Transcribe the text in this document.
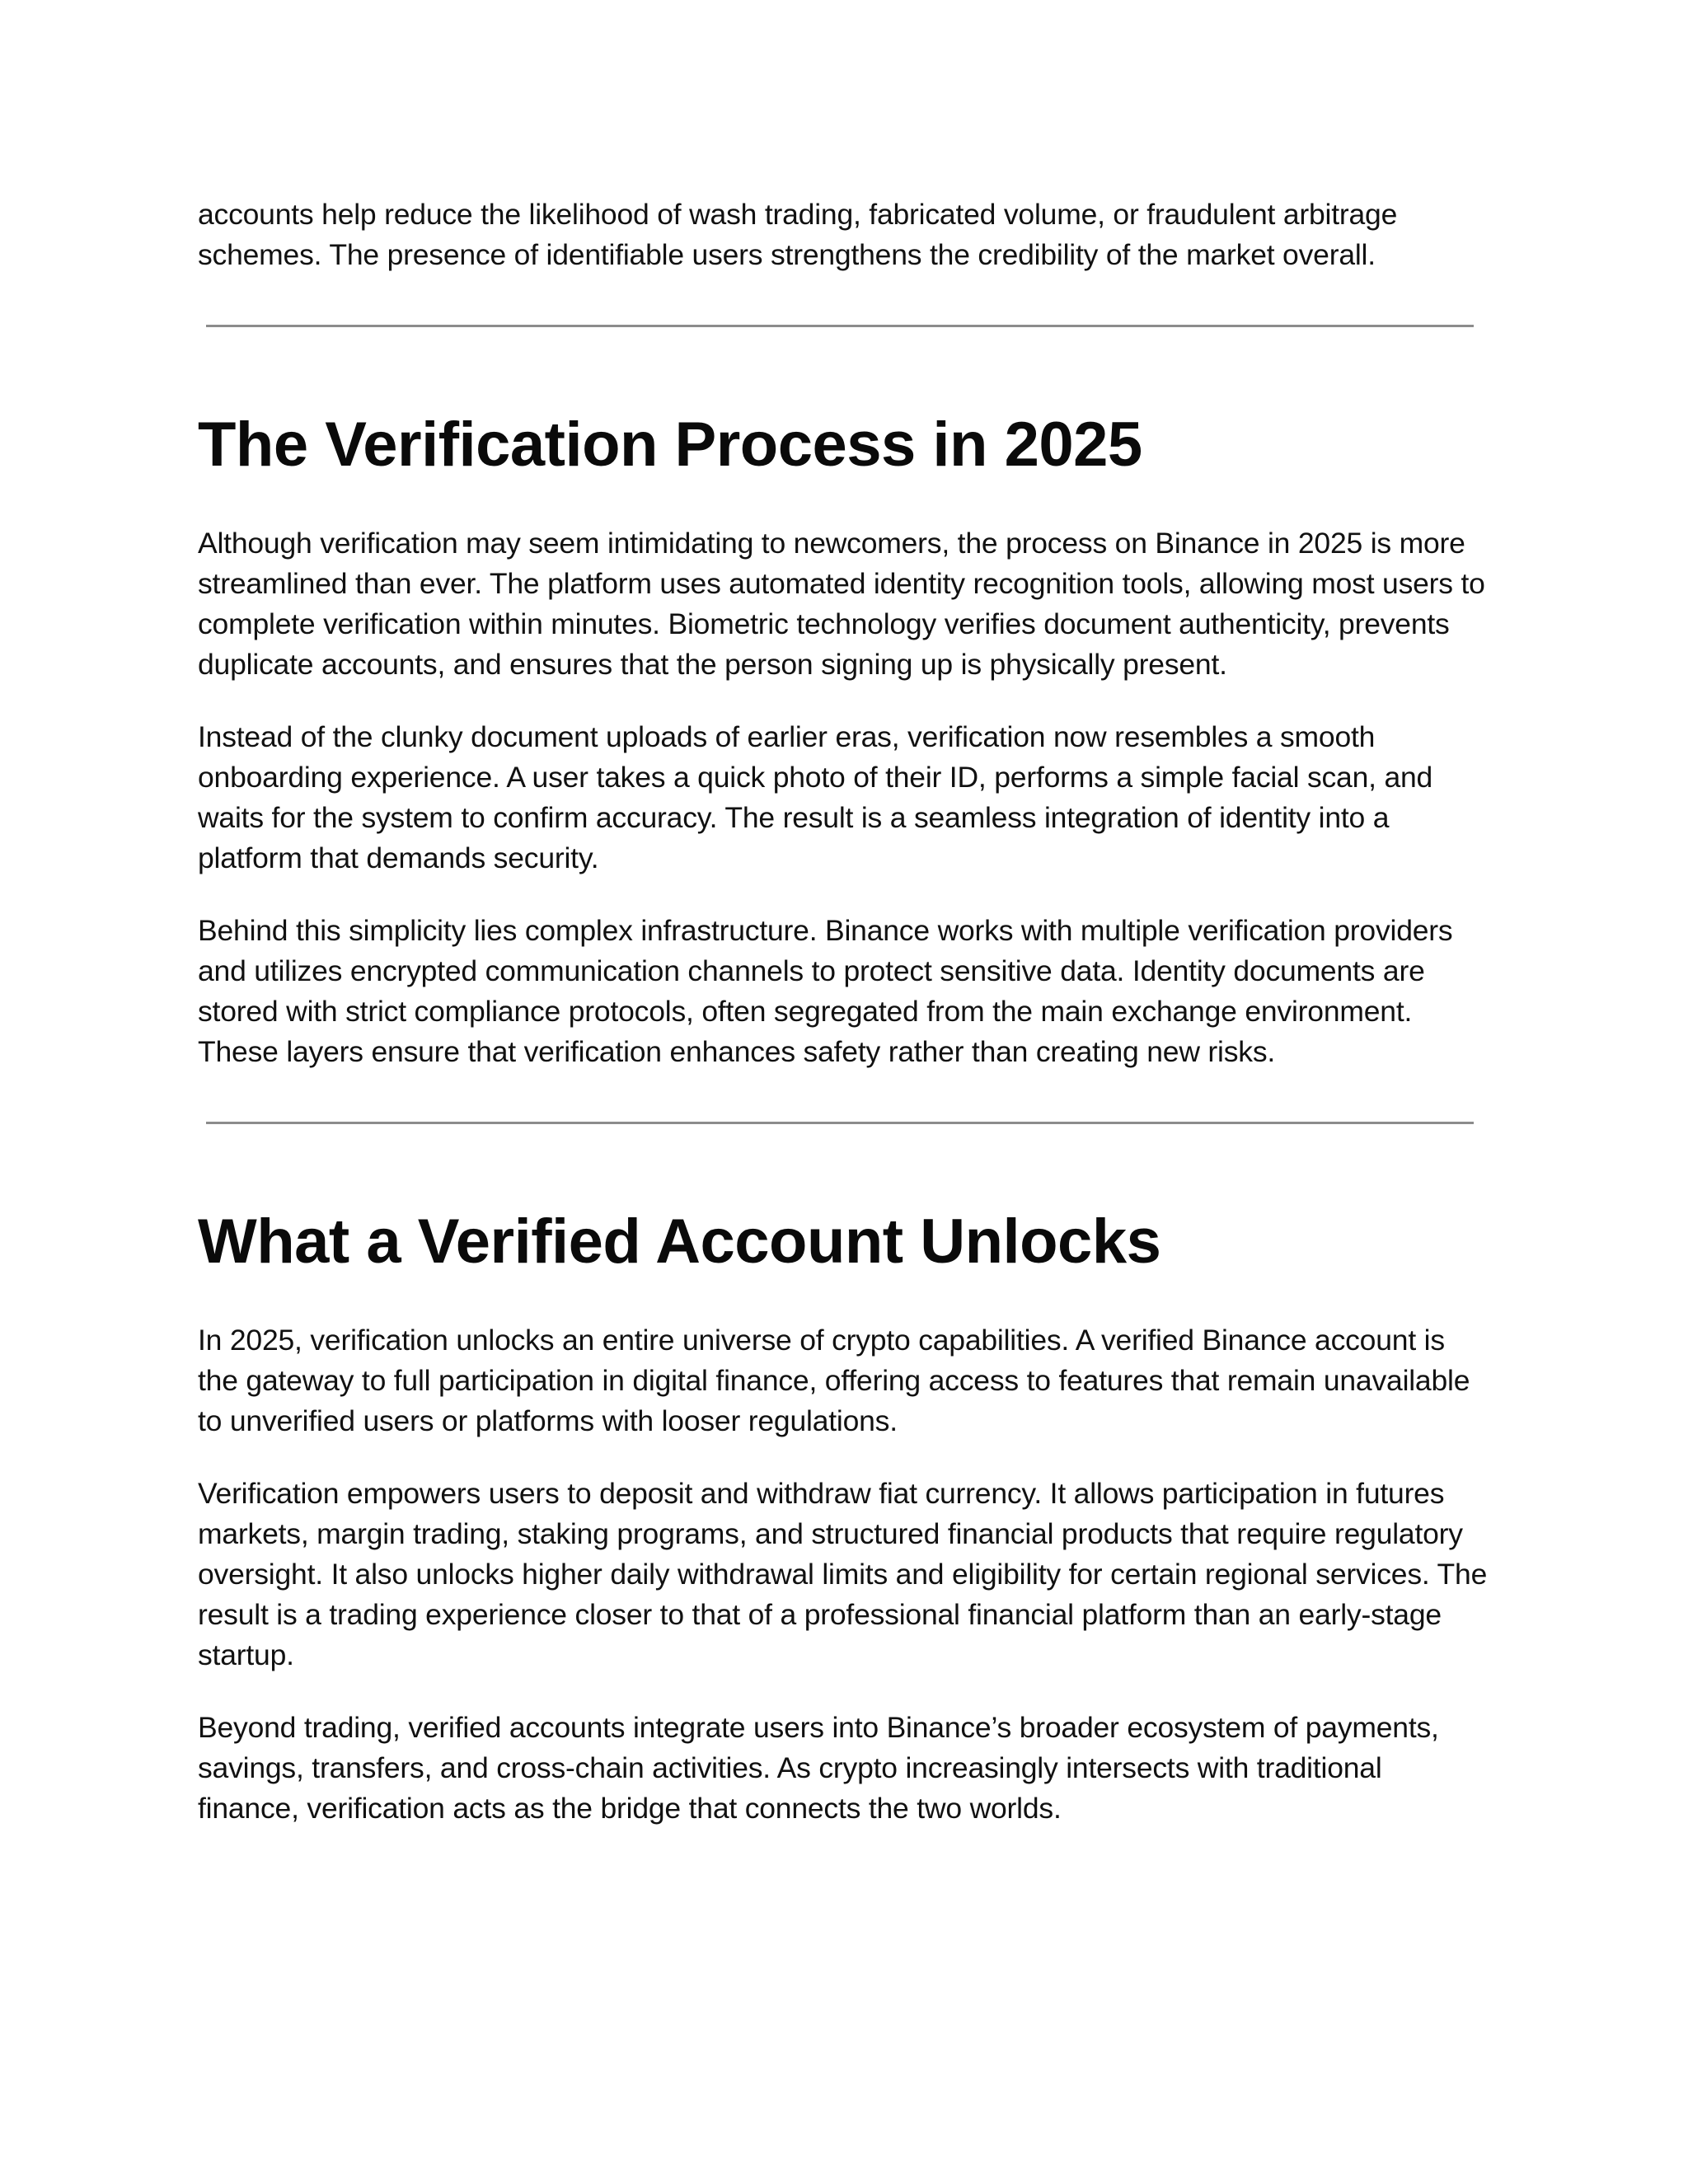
accounts help reduce the likelihood of wash trading, fabricated volume, or fraudulent arbitrage schemes. The presence of identifiable users strengthens the credibility of the market overall.

The Verification Process in 2025

Although verification may seem intimidating to newcomers, the process on Binance in 2025 is more streamlined than ever. The platform uses automated identity recognition tools, allowing most users to complete verification within minutes. Biometric technology verifies document authenticity, prevents duplicate accounts, and ensures that the person signing up is physically present.

Instead of the clunky document uploads of earlier eras, verification now resembles a smooth onboarding experience. A user takes a quick photo of their ID, performs a simple facial scan, and waits for the system to confirm accuracy. The result is a seamless integration of identity into a platform that demands security.

Behind this simplicity lies complex infrastructure. Binance works with multiple verification providers and utilizes encrypted communication channels to protect sensitive data. Identity documents are stored with strict compliance protocols, often segregated from the main exchange environment. These layers ensure that verification enhances safety rather than creating new risks.

What a Verified Account Unlocks

In 2025, verification unlocks an entire universe of crypto capabilities. A verified Binance account is the gateway to full participation in digital finance, offering access to features that remain unavailable to unverified users or platforms with looser regulations.

Verification empowers users to deposit and withdraw fiat currency. It allows participation in futures markets, margin trading, staking programs, and structured financial products that require regulatory oversight. It also unlocks higher daily withdrawal limits and eligibility for certain regional services. The result is a trading experience closer to that of a professional financial platform than an early-stage startup.

Beyond trading, verified accounts integrate users into Binance’s broader ecosystem of payments, savings, transfers, and cross-chain activities. As crypto increasingly intersects with traditional finance, verification acts as the bridge that connects the two worlds.
